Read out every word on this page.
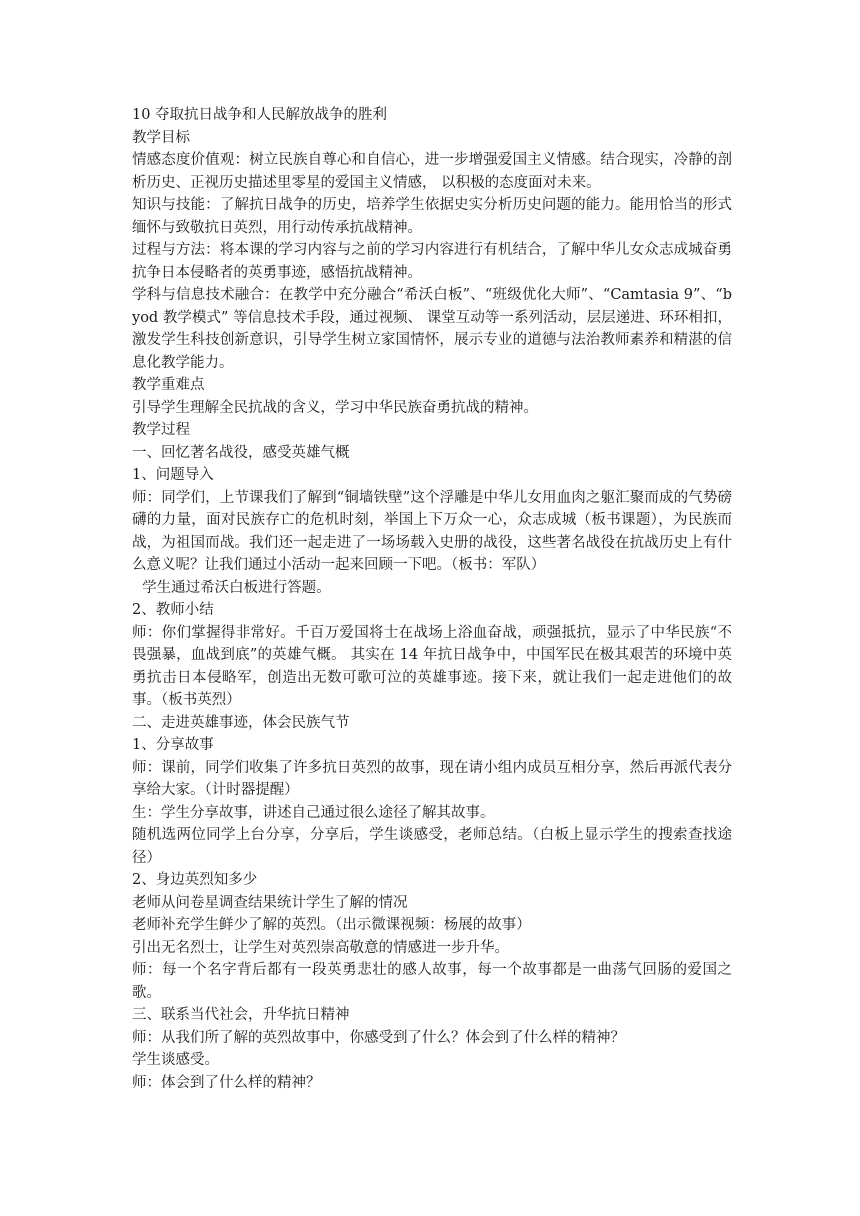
10 夺取抗日战争和人民解放战争的胜利

教学目标

情感态度价值观：树立民族自尊心和自信心，进一步增强爱国主义情感。结合现实，冷静的剖析历史、正视历史描述里零星的爱国主义情感， 以积极的态度面对未来。

知识与技能：了解抗日战争的历史，培养学生依据史实分析历史问题的能力。能用恰当的形式缅怀与致敬抗日英烈，用行动传承抗战精神。

过程与方法：将本课的学习内容与之前的学习内容进行有机结合，了解中华儿女众志成城奋勇抗争日本侵略者的英勇事迹，感悟抗战精神。

学科与信息技术融合：在教学中充分融合“希沃白板”、“班级优化大师”、“Camtasia 9”、“byod 教学模式” 等信息技术手段，通过视频、 课堂互动等一系列活动，层层递进、环环相扣，激发学生科技创新意识，引导学生树立家国情怀，展示专业的道德与法治教师素养和精湛的信息化教学能力。

教学重难点

引导学生理解全民抗战的含义，学习中华民族奋勇抗战的精神。

教学过程

一、回忆著名战役，感受英雄气概

1、问题导入

师：同学们，上节课我们了解到“铜墙铁壁”这个浮雕是中华儿女用血肉之躯汇聚而成的气势磅礴的力量，面对民族存亡的危机时刻，举国上下万众一心，众志成城（板书课题），为民族而战，为祖国而战。我们还一起走进了一场场载入史册的战役，这些著名战役在抗战历史上有什么意义呢？让我们通过小活动一起来回顾一下吧。（板书：军队）

学生通过希沃白板进行答题。

2、教师小结

师：你们掌握得非常好。千百万爱国将士在战场上浴血奋战，顽强抵抗，显示了中华民族“不畏强暴，血战到底”的英雄气概。 其实在 14 年抗日战争中，中国军民在极其艰苦的环境中英勇抗击日本侵略军，创造出无数可歌可泣的英雄事迹。接下来，就让我们一起走进他们的故事。（板书英烈）

二、走进英雄事迹，体会民族气节

1、分享故事

师：课前，同学们收集了许多抗日英烈的故事，现在请小组内成员互相分享，然后再派代表分享给大家。（计时器提醒）

生：学生分享故事，讲述自己通过很么途径了解其故事。

随机选两位同学上台分享，分享后，学生谈感受，老师总结。（白板上显示学生的搜索查找途径）

2、身边英烈知多少

老师从问卷星调查结果统计学生了解的情况

老师补充学生鲜少了解的英烈。（出示微课视频：杨展的故事）

引出无名烈士，让学生对英烈崇高敬意的情感进一步升华。

师：每一个名字背后都有一段英勇悲壮的感人故事，每一个故事都是一曲荡气回肠的爱国之歌。

三、联系当代社会，升华抗日精神

师：从我们所了解的英烈故事中，你感受到了什么？体会到了什么样的精神？

学生谈感受。

师：体会到了什么样的精神？
